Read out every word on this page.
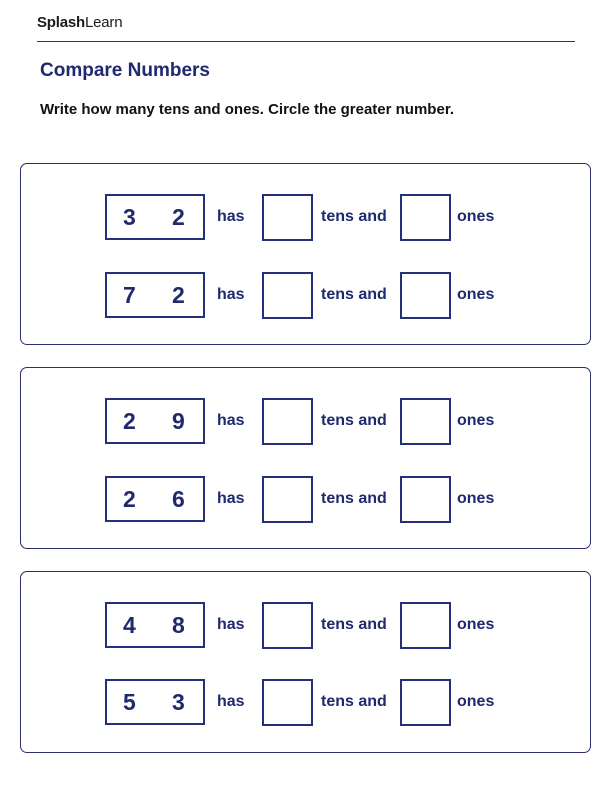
SplashLearn
Compare Numbers
Write how many tens and ones. Circle the greater number.
3 2 has	tens and	ones
7 2 has	tens and	ones
2 9 has	tens and	ones
2 6 has	tens and	ones
4 8 has	tens and	ones
5 3 has	tens and	ones
